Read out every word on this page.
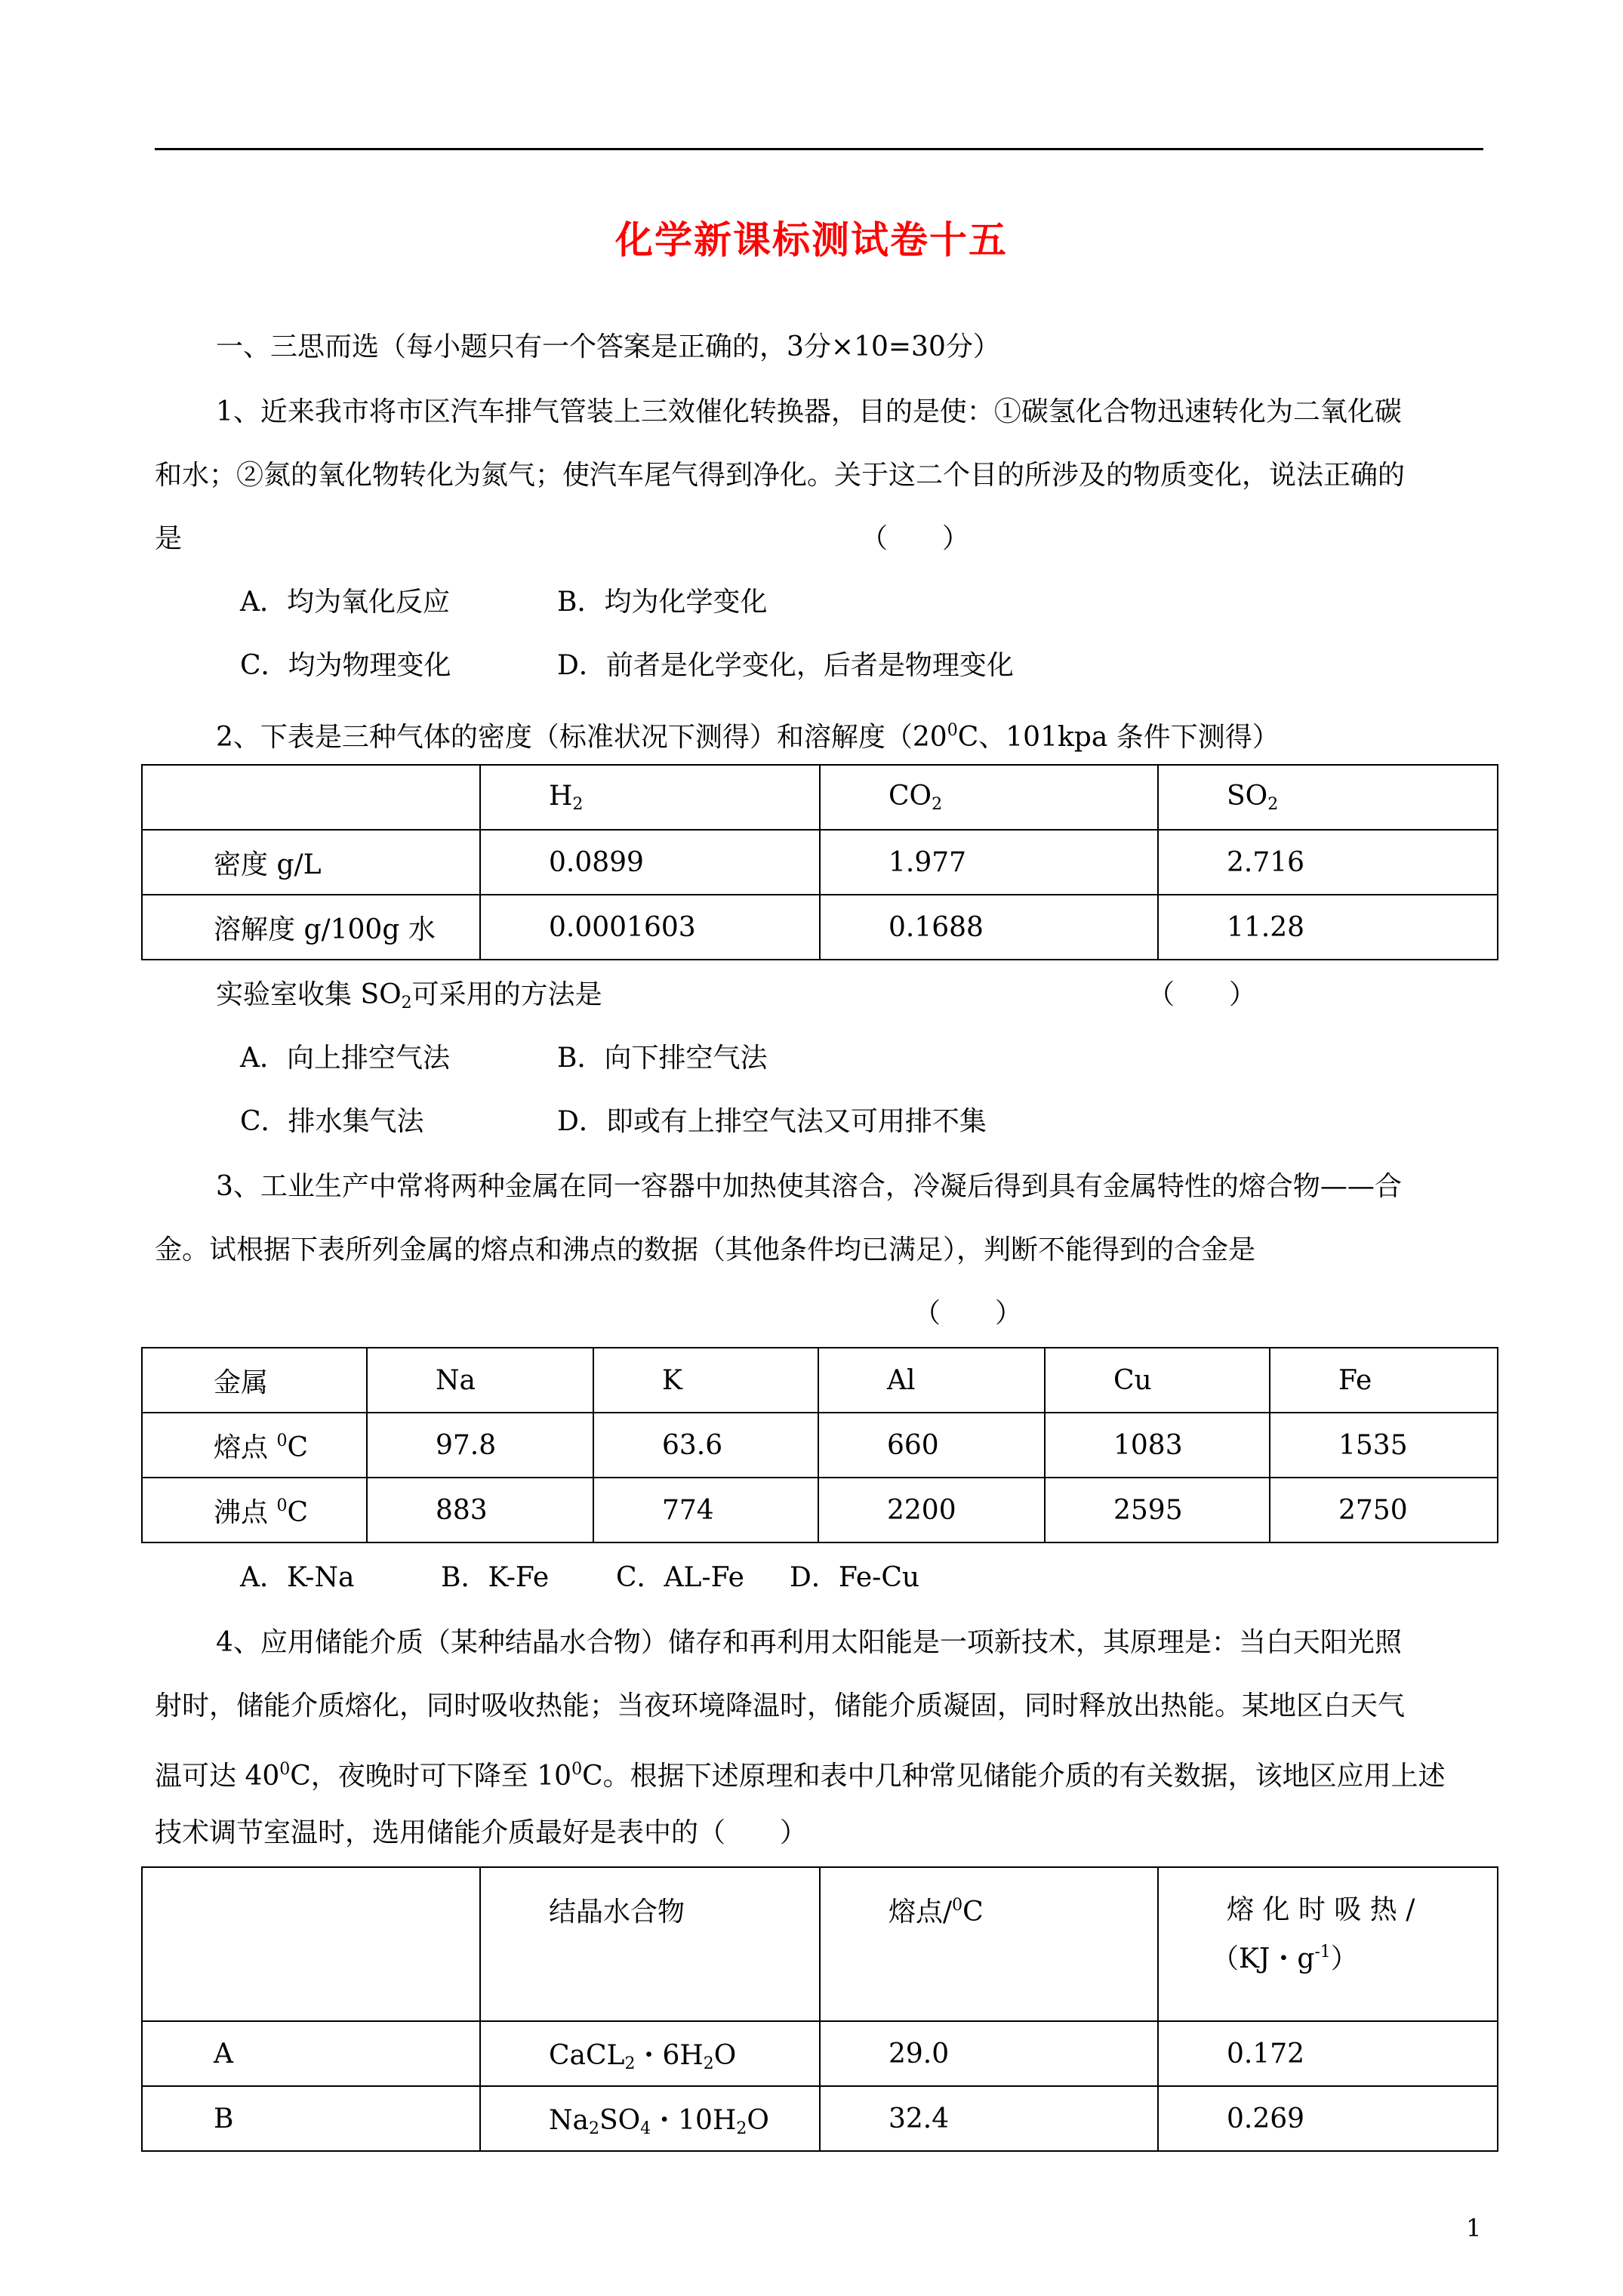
化学新课标测试卷十五
一、三思而选（每小题只有一个答案是正确的，3分×10=30分）
1、近来我市将市区汽车排气管装上三效催化转换器，目的是使：①碳氢化合物迅速转化为二氧化碳
和水；②氮的氧化物转化为氮气；使汽车尾气得到净化。关于这二个目的所涉及的物质变化，说法正确的
是	（　　）
A．均为氧化反应	B．均为化学变化
C．均为物理变化	D．前者是化学变化，后者是物理变化
2、下表是三种气体的密度（标准状况下测得）和溶解度（$20^0C$、101kpa 条件下测得）
	$H_2$	$CO_2$	$SO_2$
密度 g/L	0.0899	1.977	2.716
溶解度 g/100g 水	0.0001603	0.1688	11.28
实验室收集 $SO_2$可采用的方法是	（　　）
A．向上排空气法	B．向下排空气法
C．排水集气法	D．即或有上排空气法又可用排不集
3、工业生产中常将两种金属在同一容器中加热使其溶合，冷凝后得到具有金属特性的熔合物——合
金。试根据下表所列金属的熔点和沸点的数据（其他条件均已满足），判断不能得到的合金是
（　　）
金属	Na	K	Al	Cu	Fe
熔点 $^0$C	97.8	63.6	660	1083	1535
沸点 $^0$C	883	774	2200	2595	2750
A．K-Na	B．K-Fe C．AL-Fe D．Fe-Cu
4、应用储能介质（某种结晶水合物）储存和再利用太阳能是一项新技术，其原理是：当白天阳光照
射时，储能介质熔化，同时吸收热能；当夜环境降温时，储能介质凝固，同时释放出热能。某地区白天气
温可达 $40^0C$，夜晚时可下降至 $10^0C$。根据下述原理和表中几种常见储能介质的有关数据，该地区应用上述
技术调节室温时，选用储能介质最好是表中的（　　）
	结晶水合物	熔点/$^0$C	熔 化 时 吸 热 /
（KJ・$g^{-1}$）

A	CaCL$_2$・$6H_2O$	29.0	0.172
B	$Na_2SO_4$・$10H_2O$	32.4	0.269
1
